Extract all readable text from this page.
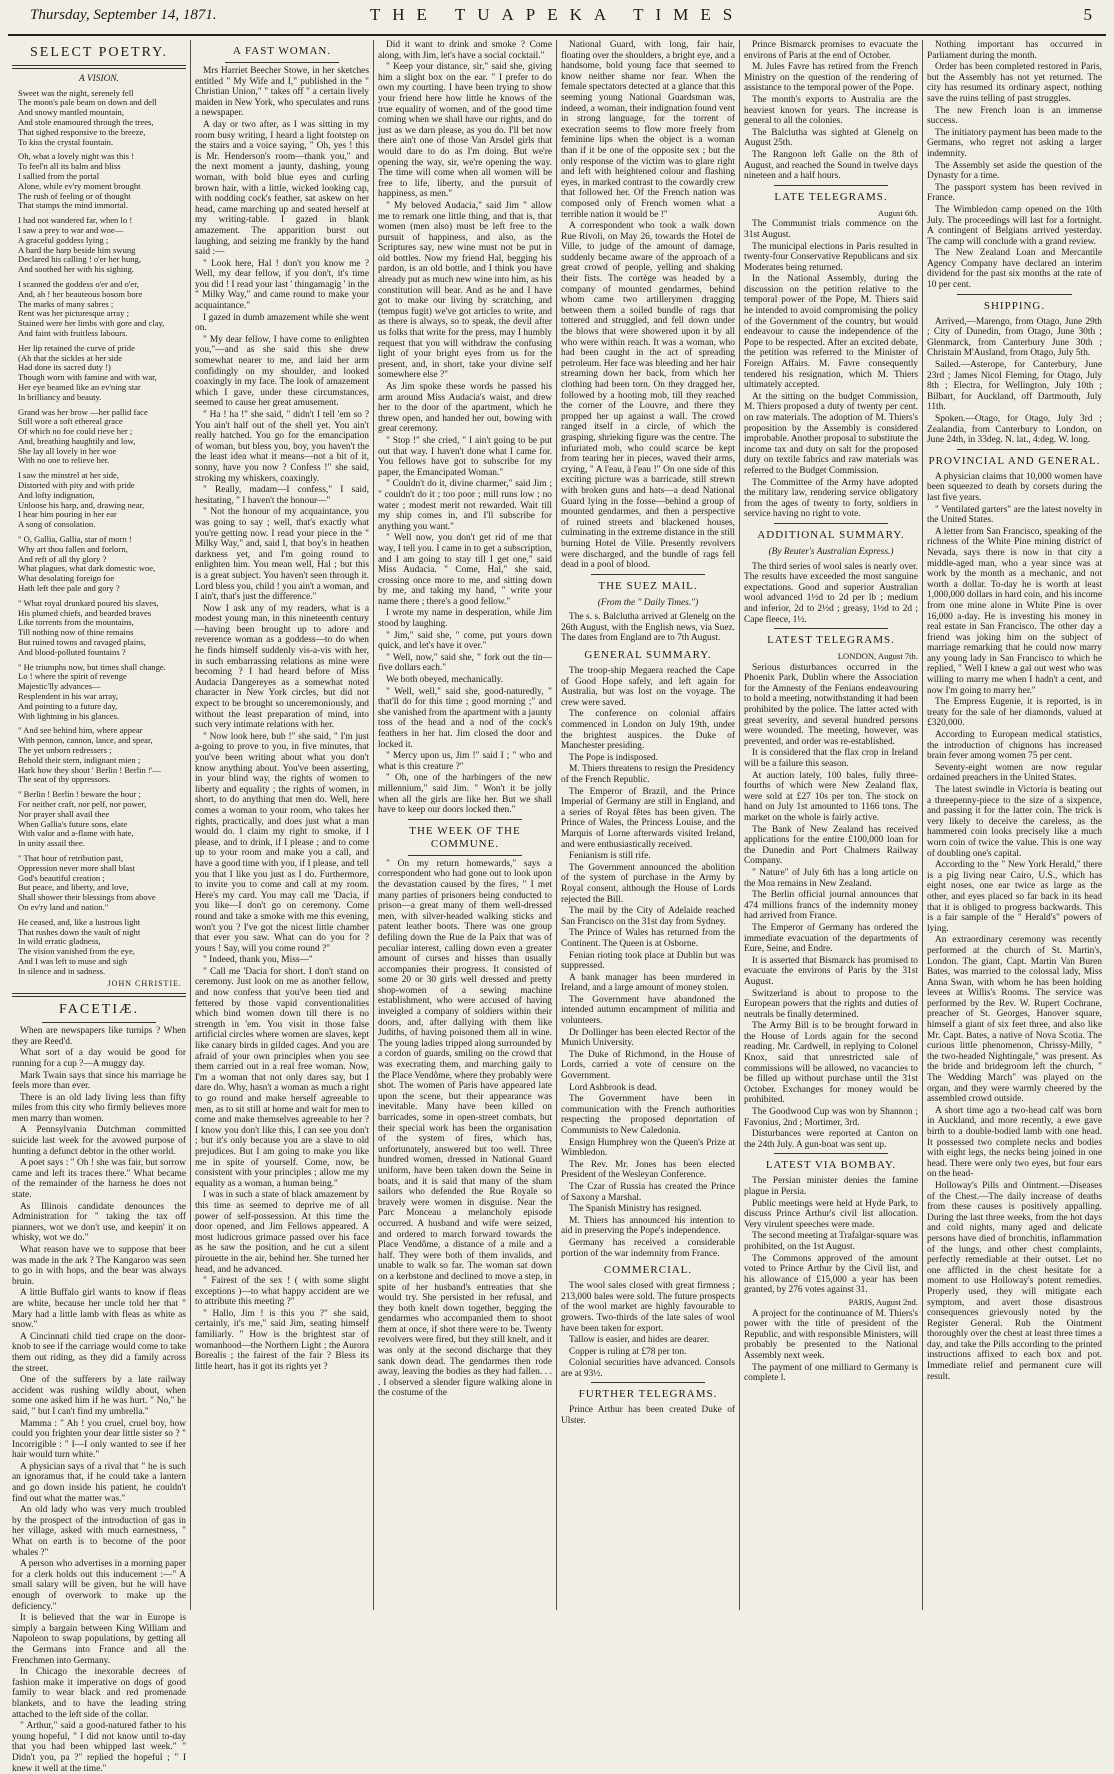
Thursday, September 14, 1871.	THE TUAPEKA TIMES	5

SELECT POETRY.

A VISION.

Sweet was the night, serenely fell
The moon's pale beam on down and dell
And snowy mantled mountain,
And stole enamoured through the trees,
That sighed responsive to the breeze,
To kiss the crystal fountain.
Oh, what a lovely night was this !
To feel'n all its balm and bliss
I sallied from the portal
Alone, while ev'ry moment brought
The rush of feeling or of thought
That stamps the mind immortal.
I had not wandered far, when lo !
I saw a prey to war and woe—
A graceful goddess lying ;
A bard the harp beside him swung
Declared his calling ! o'er her hung,
And soothed her with his sighing.
I scanned the goddess o'er and o'er,
And, ah ! her beauteous bosom bore
The marks of many sabres ;
Rent was her picturesque array ;
Stained were her limbs with gore and clay,
And faint with fruitless labours.
Her lip retained the curve of pride
(Ah that the sickles at her side
Had done its sacred duty !)
Though worn with famine and with war,
Her eye beamed like an ev'ning star
In brilliancy and beauty.
Grand was her brow —her pallid face
Still wore a soft ethereal grace
Of which no foe could rieve her ;
And, breathing haughtily and low,
She lay all lovely in her woe
With no one to relieve her.
I saw the minstrel at her side,
Distorted with pity and with pride
And lofty indignation,
Unloose his harp, and, drawing near,
I hear him pouring in her ear
A song of consolation.
" O, Gallia, Gallia, star of morn !
Why art thou fallen and forlorn,
And reft of all thy glory ?
What plagues, what dark domestic woe,
What desolating foreign foe
Hath left thee pale and gory ?
" What royal drunkard poured his slaves,
His plumed chiefs, and bearded braves
Like torrents from the mountains,
Till nothing now of thine remains
But ruined towns and ravaged plains,
And blood-polluted fountains ?
" He triumphs now, but times shall change.
Lo ! where the spirit of revenge
Majestic'lly advances—
Resplendent in his war array,
And pointing to a future day,
With lightning in his glances.
" And see behind him, where appear
With pennon, cannon, lance, and spear,
The yet unborn redressers ;
Behold their stern, indignant mien ;
Hark how they shout ' Berlin ! Berlin !'—
The seat of thy oppressors.
" Berlin ! Berlin ! beware the hour ;
For neither craft, nor pelf, nor power,
Nor prayer shall avail thee
When Gallia's future sons, elate
With valor and a-flame with hate,
In unity assail thee.
" That hour of retribution past,
Oppression never more shall blast
God's beautiful creation ;
But peace, and liberty, and love,
Shall shower their blessings from above
On ev'ry land and nation."
He ceased, and, like a lustrous light
That rushes down the vault of night
In wild erratic gladness,
The vision vanished from the eye,
And I was left to muse and sigh
In silence and in sadness.
JOHN CHRISTIE.

FACETIÆ.

When are newspapers like turnips ? When they are Reed'd.

What sort of a day would be good for running for a cup ?—A muggy day.

Mark Twain says that since his marriage he feels more than ever.

There is an old lady living less than fifty miles from this city who firmly believes more men marry than women.

A Pennsylvania Dutchman committed suicide last week for the avowed purpose of hunting a defunct debtor in the other world.

A poet says : " Oh ! she was fair, but sorrow came and left its traces there." What became of the remainder of the harness he does not state.

As Illinois candidate denounces the Administration for " taking the tax off pianners, wot we don't use, and keepin' it on whisky, wot we do."

What reason have we to suppose that beer was made in the ark ? The Kangaroo was seen to go in with hops, and the bear was always bruin.

A little Buffalo girl wants to know if fleas are white, because her uncle told her that " Mary had a little lamb with fleas as white as snow."

A Cincinnati child tied crape on the door-knob to see if the carriage would come to take them out riding, as they did a family across the street.

One of the sufferers by a late railway accident was rushing wildly about, when some one asked him if he was hurt. " No," he said, " but I can't find my umbrella."

Mamma : " Ah ! you cruel, cruel boy, how could you frighten your dear little sister so ? " Incorrigible : " I—I only wanted to see if her hair would turn white."

A physician says of a rival that " he is such an ignoramus that, if he could take a lantern and go down inside his patient, he couldn't find out what the matter was."

An old lady who was very much troubled by the prospect of the introduction of gas in her village, asked with much earnestness, " What on earth is to become of the poor whales ?"

A person who advertises in a morning paper for a clerk holds out this inducement :—" A small salary will be given, but he will have enough of overwork to make up the deficiency."

It is believed that the war in Europe is simply a bargain between King William and Napoleon to swap populations, by getting all the Germans into France and all the Frenchmen into Germany.

In Chicago the inexorable decrees of fashion make it imperative on dogs of good family to wear black and red promenade blankets, and to have the leading string attached to the left side of the collar.

" Arthur," said a good-natured father to his young hopeful, " I did not know until to-day that you had been whipped last week." " Didn't you, pa ?" replied the hopeful ; " I knew it well at the time."

A FAST WOMAN.

Mrs Harriet Beecher Stowe, in her sketches entitled " My Wife and I," published in the " Christian Union," " takes off " a certain lively maiden in New York, who speculates and runs a newspaper.

A day or two after, as I was sitting in my room busy writing, I heard a light footstep on the stairs and a voice saying, " Oh, yes ! this is Mr. Henderson's room—thank you," and the next moment a jaunty, dashing, young woman, with bold blue eyes and curling brown hair, with a little, wicked looking cap, with nodding cock's feather, sat askew on her head, came marching up and seated herself at my writing-table. I gazed in blank amazement. The apparition burst out laughing, and seizing me frankly by the hand said :—

" Look here, Hal ! don't you know me ? Well, my dear fellow, if you don't, it's time you did ! I read your last ' thingamagig ' in the " Milky Way," and came round to make your acquaintance."

I gazed in dumb amazement while she went on.

" My dear fellow, I have come to enlighten you,"—and as she said this she drew somewhat nearer to me, and laid her arm confidingly on my shoulder, and looked coaxingly in my face. The look of amazement which I gave, under these circumstances, seemed to cause her great amusement.

" Ha ! ha !" she said, " didn't I tell 'em so ? You ain't half out of the shell yet. You ain't really hatched. You go for the emancipation of woman, but bless you, boy, you haven't the the least idea what it means—not a bit of it, sonny, have you now ? Confess !" she said, stroking my whiskers, coaxingly.

" Really, madam—I confess," I said, hesitating, " I haven't the honour—"

" Not the honour of my acquaintance, you was going to say ; well, that's exactly what you're getting now. I read your piece in the " Milky Way," and, said I, that boy's in heathen darkness yet, and I'm going round to enlighten him. You mean well, Hal ; but this is a great subject. You haven't seen through it. Lord bless you, child ! you ain't a woman, and I ain't, that's just the difference."

Now I ask any of my readers, what is a modest young man, in this nineteenth century—having been brought up to adore and reverence woman as a goddess—to do when he finds himself suddenly vis-a-vis with her, in such embarrassing relations as mine were becoming ? I had heard before of Miss Audacia Dangereyes as a somewhat noted character in New York circles, but did not expect to be brought so unceremoniously, and without the least preparation of mind, into such very intimate relations with her.

" Now look here, bub !" she said, " I'm just a-going to prove to you, in five minutes, that you've been writing about what you don't know anything about. You've been asserting, in your blind way, the rights of women to liberty and equality ; the rights of women, in short, to do anything that men do. Well, here comes a woman to your room, who takes her rights, practically, and does just what a man would do. I claim my right to smoke, if I please, and to drink, if I please ; and to come up to your room and make you a call, and have a good time with you, if I please, and tell you that I like you just as I do. Furthermore, to invite you to come and call at my room. Here's my card. You may call me 'Dacia, if you like—I don't go on ceremony. Come round and take a smoke with me this evening, won't you ? I've got the nicest little chamber that ever you saw. What can do you for ? yours ! Say, will you come round ?"

" Indeed, thank you, Miss—"

" Call me 'Dacia for short. I don't stand on ceremony. Just look on me as another fellow, and now confess that you've been tied and fettered by those vapid conventionalities which bind women down till there is no strength in 'em. You visit in those false artificial circles where women are slaves, kept like canary birds in gilded cages. And you are afraid of your own principles when you see them carried out in a real free woman. Now, I'm a woman that not only dares say, but I dare do. Why, hasn't a woman as much a right to go round and make herself agreeable to men, as to sit still at home and wait for men to come and make themselves agreeable to her ? I know you don't like this, I can see you don't ; but it's only because you are a slave to old prejudices. But I am going to make you like me in spite of yourself. Come, now, be consistent with your principles ; allow me my equality as a woman, a human being."

I was in such a state of black amazement by this time as seemed to deprive me of all power of self-possession. At this time the door opened, and Jim Fellows appeared. A most ludicrous grimace passed over his face as he saw the position, and he cut a silent pirouette in the air, behind her. She turned her head, and he advanced.

" Fairest of the sex ! ( with some slight exceptions )—to what happy accident are we to attribute this meeting ?"

" Hallo, Jim ! is this you ?" she said, certainly, it's me," said Jim, seating himself familiarly. " How is the brightest star of womanhood—the Northern Light ; the Aurora Borealis ; the fairest of the fair ? Bless its little heart, has it got its rights yet ?

Did it want to drink and smoke ? Come along, with Jim, let's have a social cocktail."

" Keep your distance, sir," said she, giving him a slight box on the ear. " I prefer to do own my courting. I have been trying to show your friend here how little he knows of the true equality of women, and of the good time coming when we shall have our rights, and do just as we darn please, as you do. I'll bet now there ain't one of those Van Arsdel girls that would dare to do as I'm doing. But we're opening the way, sir, we're opening the way. The time will come when all women will be free to life, liberty, and the pursuit of happiness, as men."

" My beloved Audacia," said Jim " allow me to remark one little thing, and that is, that women (men also) must be left free to the pursuit of happiness, and also, as the Scriptures say, new wine must not be put in old bottles. Now my friend Hal, begging his pardon, is an old bottle, and I think you have already put as much new wine into him, as his constitution will bear. And as he and I have got to make our living by scratching, and (tempus fugit) we've got articles to write, and as there is always, so to speak, the devil after us folks that write for the press, may I humbly request that you will withdraw the confusing light of your bright eyes from us for the present, and, in short, take your divine self somewhere else ?"

As Jim spoke these words he passed his arm around Miss Audacia's waist, and drew her to the door of the apartment, which he threw open, and handed her out, bowing with great ceremony.

" Stop !" she cried, " I ain't going to be put out that way. I haven't done what I came for. You fellows have got to subscribe for my paper, the Emancipated Woman."

" Couldn't do it, divine charmer," said Jim ; " couldn't do it ; too poor ; mill runs low ; no water ; modest merit not rewarded. Wait till my ship comes in, and I'll subscribe for anything you want."

" Well now, you don't get rid of me that way, I tell you. I came in to get a subscription, and I am going to stay till I get one," said Miss Audacia. " Come, Hal," she said, crossing once more to me, and sitting down by me, and taking my hand, " write your name there ; there's a good fellow."

I wrote my name in desperation, while Jim stood by laughing.

" Jim," said she, " come, put yours down quick, and let's have it over."

" Well, now," said she, " fork out the tin—five dollars each."

We both obeyed, mechanically.

" Well, well," said she, good-naturedly, " that'll do for this time ; good morning ;" and she vanished from the apartment with a jaunty toss of the head and a nod of the cock's feathers in her hat. Jim closed the door and locked it.

" Mercy upon us, Jim !" said I ; " who and what is this creature ?"

" Oh, one of the harbingers of the new millennium," said Jim. " Won't it be jolly when all the girls are like her. But we shall have to keep our doors locked then."

THE WEEK OF THE COMMUNE.

" On my return homewards," says a correspondent who had gone out to look upon the devastation caused by the fires, " I met many parties of prisoners being conducted to prison—a great many of them well-dressed men, with silver-headed walking sticks and patent leather boots. There was one group defiling down the Rue de la Paix that was of peculiar interest, calling down even a greater amount of curses and hisses than usually accompanies their progress. It consisted of some 20 or 30 girls well dressed and pretty shop-women of a sewing machine establishment, who were accused of having inveigled a company of soldiers within their doors, and, after dallying with them like Judiths, of having poisoned them all in wine. The young ladies tripped along surrounded by a cordon of guards, smiling on the crowd that was execrating them, and marching gaily to the Place Vendôme, where they probably were shot. The women of Paris have appeared late upon the scene, but their appearance was inevitable. Many have been killed on barricades, some in open-street combats, but their special work has been the organisation of the system of fires, which has, unfortunately, answered but too well. Three hundred women, dressed in National Guard uniform, have been taken down the Seine in boats, and it is said that many of the sham sailors who defended the Rue Royale so bravely were women in disguise. Near the Parc Monceau a melancholy episode occurred. A husband and wife were seized, and ordered to march forward towards the Place Vendôme, a distance of a mile and a half. They were both of them invalids, and unable to walk so far. The woman sat down on a kerbstone and declined to move a step, in spite of her husband's entreaties that she would try. She persisted in her refusal, and they both knelt down together, begging the gendarmes who accompanied them to shoot them at once, if shot there were to be. Twenty revolvers were fired, but they still knelt, and it was only at the second discharge that they sank down dead. The gendarmes then rode away, leaving the bodies as they had fallen. . . . I observed a slender figure walking alone in the costume of the

National Guard, with long, fair hair, floating over the shoulders, a bright eye, and a handsome, bold young face that seemed to know neither shame nor fear. When the female spectators detected at a glance that this seeming young National Guardsman was, indeed, a woman, their indignation found vent in strong language, for the torrent of execration seems to flow more freely from feminine lips when the object is a woman than if it be one of the opposite sex ; but the only response of the victim was to glare right and left with heightened colour and flashing eyes, in marked contrast to the cowardly crew that followed her. Of the French nation was composed only of French women what a terrible nation it would be !"

A correspondent who took a walk down Rue Rivoli, on May 26, towards the Hotel de Ville, to judge of the amount of damage, suddenly became aware of the approach of a great crowd of people, yelling and shaking their fists. The cortège was headed by a company of mounted gendarmes, behind whom came two artillerymen dragging between them a soiled bundle of rags that tottered and struggled, and fell down under the blows that were showered upon it by all who were within reach. It was a woman, who had been caught in the act of spreading petroleum. Her face was bleeding and her hair streaming down her back, from which her clothing had been torn. On they dragged her, followed by a hooting mob, till they reached the corner of the Louvre, and there they propped her up against a wall. The crowd ranged itself in a circle, of which the grasping, shrieking figure was the centre. The infuriated mob, who could scarce be kept from tearing her in pieces, waved their arms, crying, " A l'eau, à l'eau !" On one side of this exciting picture was a barricade, still strewn with broken guns and hats—a dead National Guard lying in the fosse—behind a group of mounted gendarmes, and then a perspective of ruined streets and blackened houses, culminating in the extreme distance in the still burning Hotel de Ville. Presently revolvers were discharged, and the bundle of rags fell dead in a pool of blood.

THE SUEZ MAIL.

(From the " Daily Times.")

The s. s. Balclutha arrived at Glenelg on the 26th August, with the English news, via Suez. The dates from England are to 7th August.

GENERAL SUMMARY.

The troop-ship Megaera reached the Cape of Good Hope safely, and left again for Australia, but was lost on the voyage. The crew were saved.

The conference on colonial affairs commenced in London on July 19th, under the brightest auspices. the Duke of Manchester presiding.

The Pope is indisposed.

M. Thiers threatens to resign the Presidency of the French Republic.

The Emperor of Brazil, and the Prince Imperial of Germany are still in England, and a series of Royal fêtes has been given. The Prince of Wales, the Princess Louise, and the Marquis of Lorne afterwards visited Ireland, and were enthusiastically received.

Fenianism is still rife.

The Government announced the abolition of the system of purchase in the Army by Royal consent, although the House of Lords rejected the Bill.

The mail by the City of Adelaide reached San Francisco on the 31st day from Sydney.

The Prince of Wales has returned from the Continent. The Queen is at Osborne.

Fenian rioting took place at Dublin but was suppressed.

A bank manager has been murdered in Ireland, and a large amount of money stolen.

The Government have abandoned the intended autumn encampment of militia and volunteers.

Dr Dollinger has been elected Rector of the Munich University.

The Duke of Richmond, in the House of Lords, carried a vote of censure on the Government.

Lord Ashbrook is dead.

The Government have been in communication with the French authorities respecting the proposed deportation of Communists to New Caledonia.

Ensign Humphrey won the Queen's Prize at Wimbledon.

The Rev. Mr. Jones has been elected President of the Wesleyan Conference.

The Czar of Russia has created the Prince of Saxony a Marshal.

The Spanish Ministry has resigned.

M. Thiers has announced his intention to aid in preserving the Pope's independence.

Germany has received a considerable portion of the war indemnity from France.

COMMERCIAL.

The wool sales closed with great firmness ; 213,000 bales were sold. The future prospects of the wool market are highly favourable to growers. Two-thirds of the late sales of wool have been taken for export.

Tallow is easier, and hides are dearer.

Copper is ruling at £78 per ton.

Colonial securities have advanced. Consols are at 93½.

FURTHER TELEGRAMS.

Prince Arthur has been created Duke of Ulster.

Prince Bismarck promises to evacuate the environs of Paris at the end of October.

M. Jules Favre has retired from the French Ministry on the question of the rendering of assistance to the temporal power of the Pope.

The month's exports to Australia are the heaviest known for years. The increase is general to all the colonies.

The Balclutha was sighted at Glenelg on August 25th.

The Rangoon left Galle on the 8th of August, and reached the Sound in twelve days nineteen and a half hours.

LATE TELEGRAMS.

August 6th.

The Communist trials commence on the 31st August.

The municipal elections in Paris resulted in twenty-four Conservative Republicans and six Moderates being returned.

In the National Assembly, during the discussion on the petition relative to the temporal power of the Pope, M. Thiers said he intended to avoid compromising the policy of the Government of the country, but would endeavour to cause the independence of the Pope to be respected. After an excited debate, the petition was referred to the Minister of Foreign Affairs. M. Favre consequently tendered his resignation, which M. Thiers ultimately accepted.

At the sitting on the budget Commission, M. Thiers proposed a duty of twenty per cent. on raw materials. The adoption of M. Thiers's proposition by the Assembly is considered improbable. Another proposal to substitute the income tax and duty on salt for the proposed duty on textile fabrics and raw materials was referred to the Budget Commission.

The Committee of the Army have adopted the military law, rendering service obligatory from the ages of twenty to forty, soldiers in service having no right to vote.

ADDITIONAL SUMMARY.

(By Reuter's Australian Express.)

The third series of wool sales is nearly over. The results have exceeded the most sanguine expectations. Good and superior Australian wool advanced 1½d to 2d per lb ; medium and inferior, 2d to 2½d ; greasy, 1½d to 2d ; Cape fleece, 1½.

LATEST TELEGRAMS.

LONDON, August 7th.

Serious disturbances occurred in the Phoenix Park, Dublin where the Association for the Amnesty of the Fenians endeavouring to hold a meeting, notwithstanding it had been prohibited by the police. The latter acted with great severity, and several hundred persons were wounded. The meeting, however, was prevented, and order was re-established.

It is considered that the flax crop in Ireland will be a failure this season.

At auction lately, 100 bales, fully three-fourths of which were New Zealand flax, were sold at £27 10s per ton. The stock on hand on July 1st amounted to 1166 tons. The market on the whole is fairly active.

The Bank of New Zealand has received applications for the entire £100,000 loan for the Dunedin and Port Chalmers Railway Company.

" Nature" of July 6th has a long article on the Moa remains in New Zealand.

The Berlin official journal announces that 474 millions francs of the indemnity money had arrived from France.

The Emperor of Germany has ordered the immediate evacuation of the departments of Eure, Seine, and Endre.

It is asserted that Bismarck has promised to evacuate the environs of Paris by the 31st August.

Switzerland is about to propose to the European powers that the rights and duties of neutrals be finally determined.

The Army Bill is to be brought forward in the House of Lords again for the second reading. Mr. Cardwell, in replying to Colonel Knox, said that unrestricted sale of commissions will be allowed, no vacancies to be filled up without purchase until the 31st October. Exchanges for money would be prohibited.

The Goodwood Cup was won by Shannon ; Favonius, 2nd ; Mortimer, 3rd.

Disturbances were reported at Canton on the 24th July. A gun-boat was sent up.

LATEST VIA BOMBAY.

The Persian minister denies the famine plague in Persia.

Public meetings were held at Hyde Park, to discuss Prince Arthur's civil list allocation. Very virulent speeches were made.

The second meeting at Trafalgar-square was prohibited, on the 1st August.

The Commons approved of the amount voted to Prince Arthur by the Civil list, and his allowance of £15,000 a year has been granted, by 276 votes against 31.

PARIS, August 2nd.

A project for the continuance of M. Thiers's power with the title of president of the Republic, and with responsible Ministers, will probably be presented to the National Assembly next week.

The payment of one milliard to Germany is complete l.

Nothing important has occurred in Parliament during the month.

Order has been completed restored in Paris, but the Assembly has not yet returned. The city has resumed its ordinary aspect, nothing save the ruins telling of past struggles.

The new French loan is an immense success.

The initiatory payment has been made to the Germans, who regret not asking a larger indemnity.

The Assembly set aside the question of the Dynasty for a time.

The passport system has been revived in France.

The Wimbledon camp opened on the 10th July. The proceedings will last for a fortnight. A contingent of Belgians arrived yesterday. The camp will conclude with a grand review.

The New Zealand Loan and Mercantile Agency Company have declared an interim dividend for the past six months at the rate of 10 per cent.

SHIPPING.

Arrived,—Marengo, from Otago, June 29th ; City of Dunedin, from Otago, June 30th ; Glenmarck, from Canterbury June 30th ; Christain M'Ausland, from Otago, July 5th.

Sailed.—Asterope, for Canterbury, June 23rd ; James Nicol Fleming, for Otago, July 8th ; Electra, for Wellington, July 10th ; Bilbart, for Auckland, off Dartmouth, July 11th.

Spoken.—Otago, for Otago, July 3rd ; Zealandia, from Canterbury to London, on June 24th, in 33deg. N. lat., 4:deg. W. long.

PROVINCIAL AND GENERAL.

A physician claims that 10,000 women have been squeezed to death by corsets during the last five years.

" Ventilated garters" are the latest novelty in the United States.

A letter from San Francisco, speaking of the richness of the White Pine mining district of Nevada, says there is now in that city a middle-aged man, who a year since was at work by the month as a mechanic, and not worth a dollar. To-day he is worth at least 1,000,000 dollars in hard coin, and his income from one mine alone in White Pine is over 16,000 a-day. He is investing his money in real estate in San Francisco. The other day a friend was joking him on the subject of marriage remarking that he could now marry any young lady in San Francisco to which he replied, " Well I knew a gal out west who was willing to marry me when I hadn't a cent, and now I'm going to marry her."

The Empress Eugenie, it is reported, is in treaty for the sale of her diamonds, valued at £320,000.

According to European medical statistics, the introduction of chignons has increased brain fever among women 75 per cent.

Seventy-eight women are now regular ordained preachers in the United States.

The latest swindle in Victoria is beating out a threepenny-piece to the size of a sixpence, and passing it for the latter coin. The trick is very likely to deceive the careless, as the hammered coin looks precisely like a much worn coin of twice the value. This is one way of doubling one's capital.

According to the " New York Herald," there is a pig living near Cairo, U.S., which has eight noses, one ear twice as large as the other, and eyes placed so far back in its head that it is obliged to progress backwards. This is a fair sample of the " Herald's" powers of lying.

An extraordinary ceremony was recently performed at the church of St. Martin's, London. The giant, Capt. Martin Van Buren Bates, was married to the colossal lady, Miss Anna Swan, with whom he has been holding levees at Willis's Rooms. The service was performed by the Rev. W. Rupert Cochrane, preacher of St. Georges, Hanover square, himself a giant of six feet three, and also like Mr. Capt. Bates, a native of Nova Scotia. The curious little phenomenon, Chrissy-Milly, " the two-headed Nightingale," was present. As the bride and bridegroom left the church, " The Wedding March" was played on the organ, and they were warmly cheered by the assembled crowd outside.

A short time ago a two-head calf was born in Auckland, and more recently, a ewe gave birth to a double-bodied lamb with one head. It possessed two complete necks and bodies with eight legs, the necks being joined in one head. There were only two eyes, but four ears on the head-

Holloway's Pills and Ointment.—Diseases of the Chest.—The daily increase of deaths from these causes is positively appalling. During the last three weeks, from the hot days and cold nights, many aged and delicate persons have died of bronchitis, inflammation of the lungs, and other chest complaints, perfectly remediable at their outset. Let no one afflicted in the chest hesitate for a moment to use Holloway's potent remedies. Properly used, they will mitigate each symptom, and avert those disastrous consequences grievously noted by the Register General. Rub the Ointment thoroughly over the chest at least three times a day, and take the Pills according to the printed instructions affixed to each box and pot. Immediate relief and permanent cure will result.
